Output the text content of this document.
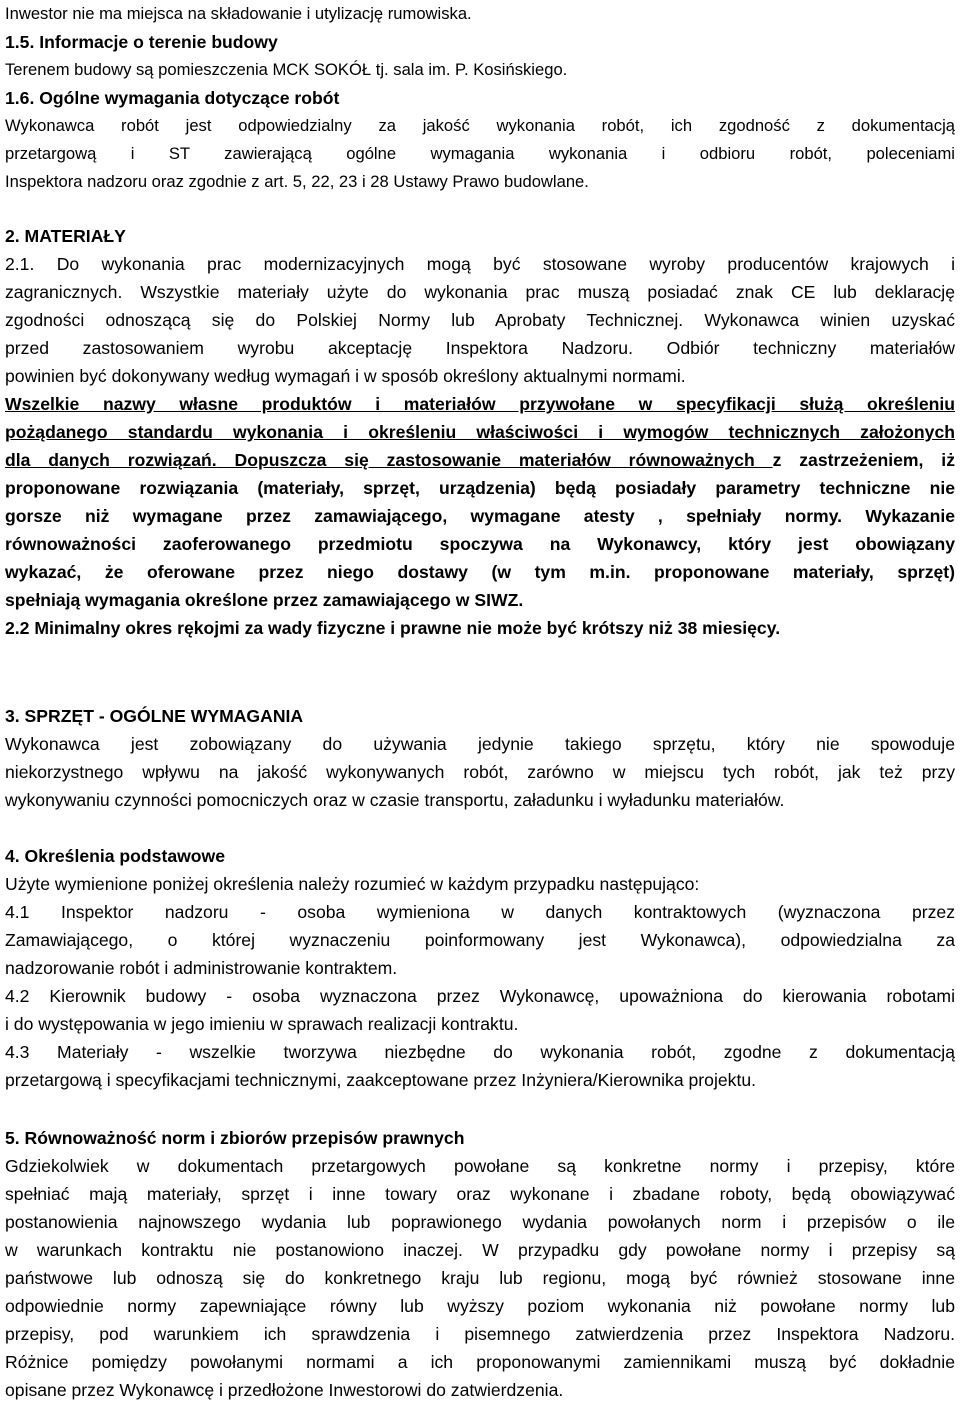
Inwestor nie ma miejsca na składowanie i utylizację rumowiska.
1.5. Informacje o terenie budowy
Terenem budowy są pomieszczenia MCK SOKÓŁ tj. sala im. P. Kosińskiego.
1.6. Ogólne wymagania dotyczące robót
Wykonawca robót jest odpowiedzialny za jakość wykonania robót, ich zgodność z dokumentacją
przetargową i ST zawierającą ogólne wymagania wykonania i odbioru robót, poleceniami
Inspektora nadzoru oraz zgodnie z art. 5, 22, 23 i 28 Ustawy Prawo budowlane.
2. MATERIAŁY
2.1. Do wykonania prac modernizacyjnych mogą być stosowane wyroby producentów krajowych i
zagranicznych. Wszystkie materiały użyte do wykonania prac muszą posiadać znak CE lub deklarację
zgodności odnoszącą się do Polskiej Normy lub Aprobaty Technicznej. Wykonawca winien uzyskać
przed zastosowaniem wyrobu akceptację Inspektora Nadzoru. Odbiór techniczny materiałów
powinien być dokonywany według wymagań i w sposób określony aktualnymi normami.
Wszelkie nazwy własne produktów i materiałów przywołane w specyfikacji służą określeniu
pożądanego standardu wykonania i określeniu właściwości i wymogów technicznych założonych
dla danych rozwiązań. Dopuszcza się zastosowanie materiałów równoważnych z zastrzeżeniem, iż
proponowane rozwiązania (materiały, sprzęt, urządzenia) będą posiadały parametry techniczne nie
gorsze niż wymagane przez zamawiającego, wymagane atesty , spełniały normy. Wykazanie
równoważności zaoferowanego przedmiotu spoczywa na Wykonawcy, który jest obowiązany
wykazać, że oferowane przez niego dostawy (w tym m.in. proponowane materiały, sprzęt)
spełniają wymagania określone przez zamawiającego w SIWZ.
2.2 Minimalny okres rękojmi za wady fizyczne i prawne nie może być krótszy niż 38 miesięcy.
3. SPRZĘT - OGÓLNE WYMAGANIA
Wykonawca jest zobowiązany do używania jedynie takiego sprzętu, który nie spowoduje
niekorzystnego wpływu na jakość wykonywanych robót, zarówno w miejscu tych robót, jak też przy
wykonywaniu czynności pomocniczych oraz w czasie transportu, załadunku i wyładunku materiałów.
4. Określenia podstawowe
Użyte wymienione poniżej określenia należy rozumieć w każdym przypadku następująco:
4.1 Inspektor nadzoru - osoba wymieniona w danych kontraktowych (wyznaczona przez
Zamawiającego, o której wyznaczeniu poinformowany jest Wykonawca), odpowiedzialna za
nadzorowanie robót i administrowanie kontraktem.
4.2 Kierownik budowy - osoba wyznaczona przez Wykonawcę, upoważniona do kierowania robotami
i do występowania w jego imieniu w sprawach realizacji kontraktu.
4.3 Materiały - wszelkie tworzywa niezbędne do wykonania robót, zgodne z dokumentacją
przetargową i specyfikacjami technicznymi, zaakceptowane przez Inżyniera/Kierownika projektu.
5. Równoważność norm i zbiorów przepisów prawnych
Gdziekolwiek w dokumentach przetargowych powołane są konkretne normy i przepisy, które
spełniać mają materiały, sprzęt i inne towary oraz wykonane i zbadane roboty, będą obowiązywać
postanowienia najnowszego wydania lub poprawionego wydania powołanych norm i przepisów o ile
w warunkach kontraktu nie postanowiono inaczej. W przypadku gdy powołane normy i przepisy są
państwowe lub odnoszą się do konkretnego kraju lub regionu, mogą być również stosowane inne
odpowiednie normy zapewniające równy lub wyższy poziom wykonania niż powołane normy lub
przepisy, pod warunkiem ich sprawdzenia i pisemnego zatwierdzenia przez Inspektora Nadzoru.
Różnice pomiędzy powołanymi normami a ich proponowanymi zamiennikami muszą być dokładnie
opisane przez Wykonawcę i przedłożone Inwestorowi do zatwierdzenia.
